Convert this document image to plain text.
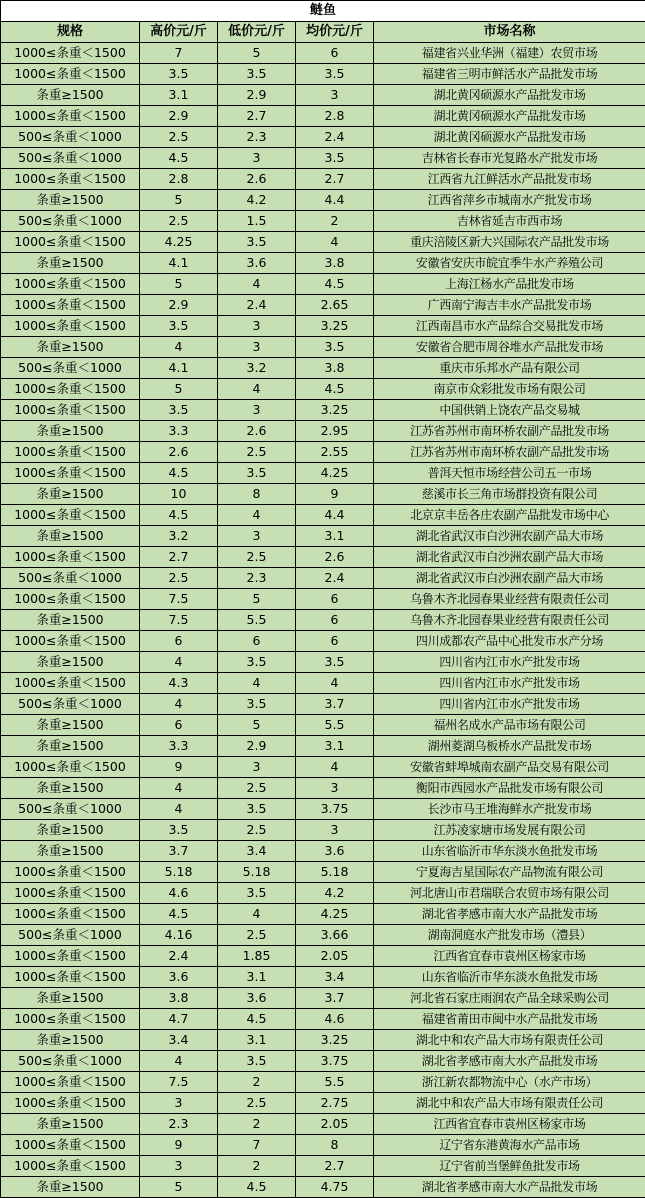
鲢鱼				
规格	高价元/斤	低价元/斤	均价元/斤	市场名称
1000≤条重＜1500	7	5	6	福建省兴业华洲（福建）农贸市场
1000≤条重＜1500	3.5	3.5	3.5	福建省三明市鲜活水产品批发市场
条重≥1500	3.1	2.9	3	湖北黄冈硕源水产品批发市场
1000≤条重＜1500	2.9	2.7	2.8	湖北黄冈硕源水产品批发市场
500≤条重＜1000	2.5	2.3	2.4	湖北黄冈硕源水产品批发市场
500≤条重＜1000	4.5	3	3.5	吉林省长春市光复路水产批发市场
1000≤条重＜1500	2.8	2.6	2.7	江西省九江鲜活水产品批发市场
条重≥1500	5	4.2	4.4	江西省萍乡市城南水产批发市场
500≤条重＜1000	2.5	1.5	2	吉林省延吉市西市场
1000≤条重＜1500	4.25	3.5	4	重庆涪陵区新大兴国际农产品批发市场
条重≥1500	4.1	3.6	3.8	安徽省安庆市皖宜季牛水产养殖公司
1000≤条重＜1500	5	4	4.5	上海江杨水产品批发市场
1000≤条重＜1500	2.9	2.4	2.65	广西南宁海吉丰水产品批发市场
1000≤条重＜1500	3.5	3	3.25	江西南昌市水产品综合交易批发市场
条重≥1500	4	3	3.5	安徽省合肥市周谷堆水产品批发市场
500≤条重＜1000	4.1	3.2	3.8	重庆市乐邦水产品有限公司
1000≤条重＜1500	5	4	4.5	南京市众彩批发市场有限公司
1000≤条重＜1500	3.5	3	3.25	中国供销上饶农产品交易城
条重≥1500	3.3	2.6	2.95	江苏省苏州市南环桥农副产品批发市场
1000≤条重＜1500	2.6	2.5	2.55	江苏省苏州市南环桥农副产品批发市场
1000≤条重＜1500	4.5	3.5	4.25	普洱天恒市场经营公司五一市场
条重≥1500	10	8	9	慈溪市长三角市场群投资有限公司
1000≤条重＜1500	4.5	4	4.4	北京京丰岳各庄农副产品批发市场中心
条重≥1500	3.2	3	3.1	湖北省武汉市白沙洲农副产品大市场
1000≤条重＜1500	2.7	2.5	2.6	湖北省武汉市白沙洲农副产品大市场
500≤条重＜1000	2.5	2.3	2.4	湖北省武汉市白沙洲农副产品大市场
1000≤条重＜1500	7.5	5	6	乌鲁木齐北园春果业经营有限责任公司
条重≥1500	7.5	5.5	6	乌鲁木齐北园春果业经营有限责任公司
1000≤条重＜1500	6	6	6	四川成都农产品中心批发市水产分场
条重≥1500	4	3.5	3.5	四川省内江市水产批发市场
1000≤条重＜1500	4.3	4	4	四川省内江市水产批发市场
500≤条重＜1000	4	3.5	3.7	四川省内江市水产批发市场
条重≥1500	6	5	5.5	福州名成水产品市场有限公司
条重≥1500	3.3	2.9	3.1	湖州菱湖乌板桥水产品批发市场
1000≤条重＜1500	9	3	4	安徽省蚌埠城南农副产品交易有限公司
条重≥1500	4	2.5	3	衡阳市西园水产品批发市场有限公司
500≤条重＜1000	4	3.5	3.75	长沙市马王堆海鲜水产批发市场
条重≥1500	3.5	2.5	3	江苏凌家塘市场发展有限公司
条重≥1500	3.7	3.4	3.6	山东省临沂市华东淡水鱼批发市场
1000≤条重＜1500	5.18	5.18	5.18	宁夏海吉星国际农产品物流有限公司
1000≤条重＜1500	4.6	3.5	4.2	河北唐山市君瑞联合农贸市场有限公司
1000≤条重＜1500	4.5	4	4.25	湖北省孝感市南大水产品批发市场
500≤条重＜1000	4.16	2.5	3.66	湖南洞庭水产批发市场（澧县）
1000≤条重＜1500	2.4	1.85	2.05	江西省宜春市袁州区杨家市场
1000≤条重＜1500	3.6	3.1	3.4	山东省临沂市华东淡水鱼批发市场
条重≥1500	3.8	3.6	3.7	河北省石家庄雨润农产品全球采购公司
1000≤条重＜1500	4.7	4.5	4.6	福建省莆田市闽中水产品批发市场
条重≥1500	3.4	3.1	3.25	湖北中和农产品大市场有限责任公司
500≤条重＜1000	4	3.5	3.75	湖北省孝感市南大水产品批发市场
1000≤条重＜1500	7.5	2	5.5	浙江新农都物流中心（水产市场）
1000≤条重＜1500	3	2.5	2.75	湖北中和农产品大市场有限责任公司
条重≥1500	2.3	2	2.05	江西省宜春市袁州区杨家市场
1000≤条重＜1500	9	7	8	辽宁省东港黄海水产品市场
1000≤条重＜1500	3	2	2.7	辽宁省前当堡鲜鱼批发市场
条重≥1500	5	4.5	4.75	湖北省孝感市南大水产品批发市场
